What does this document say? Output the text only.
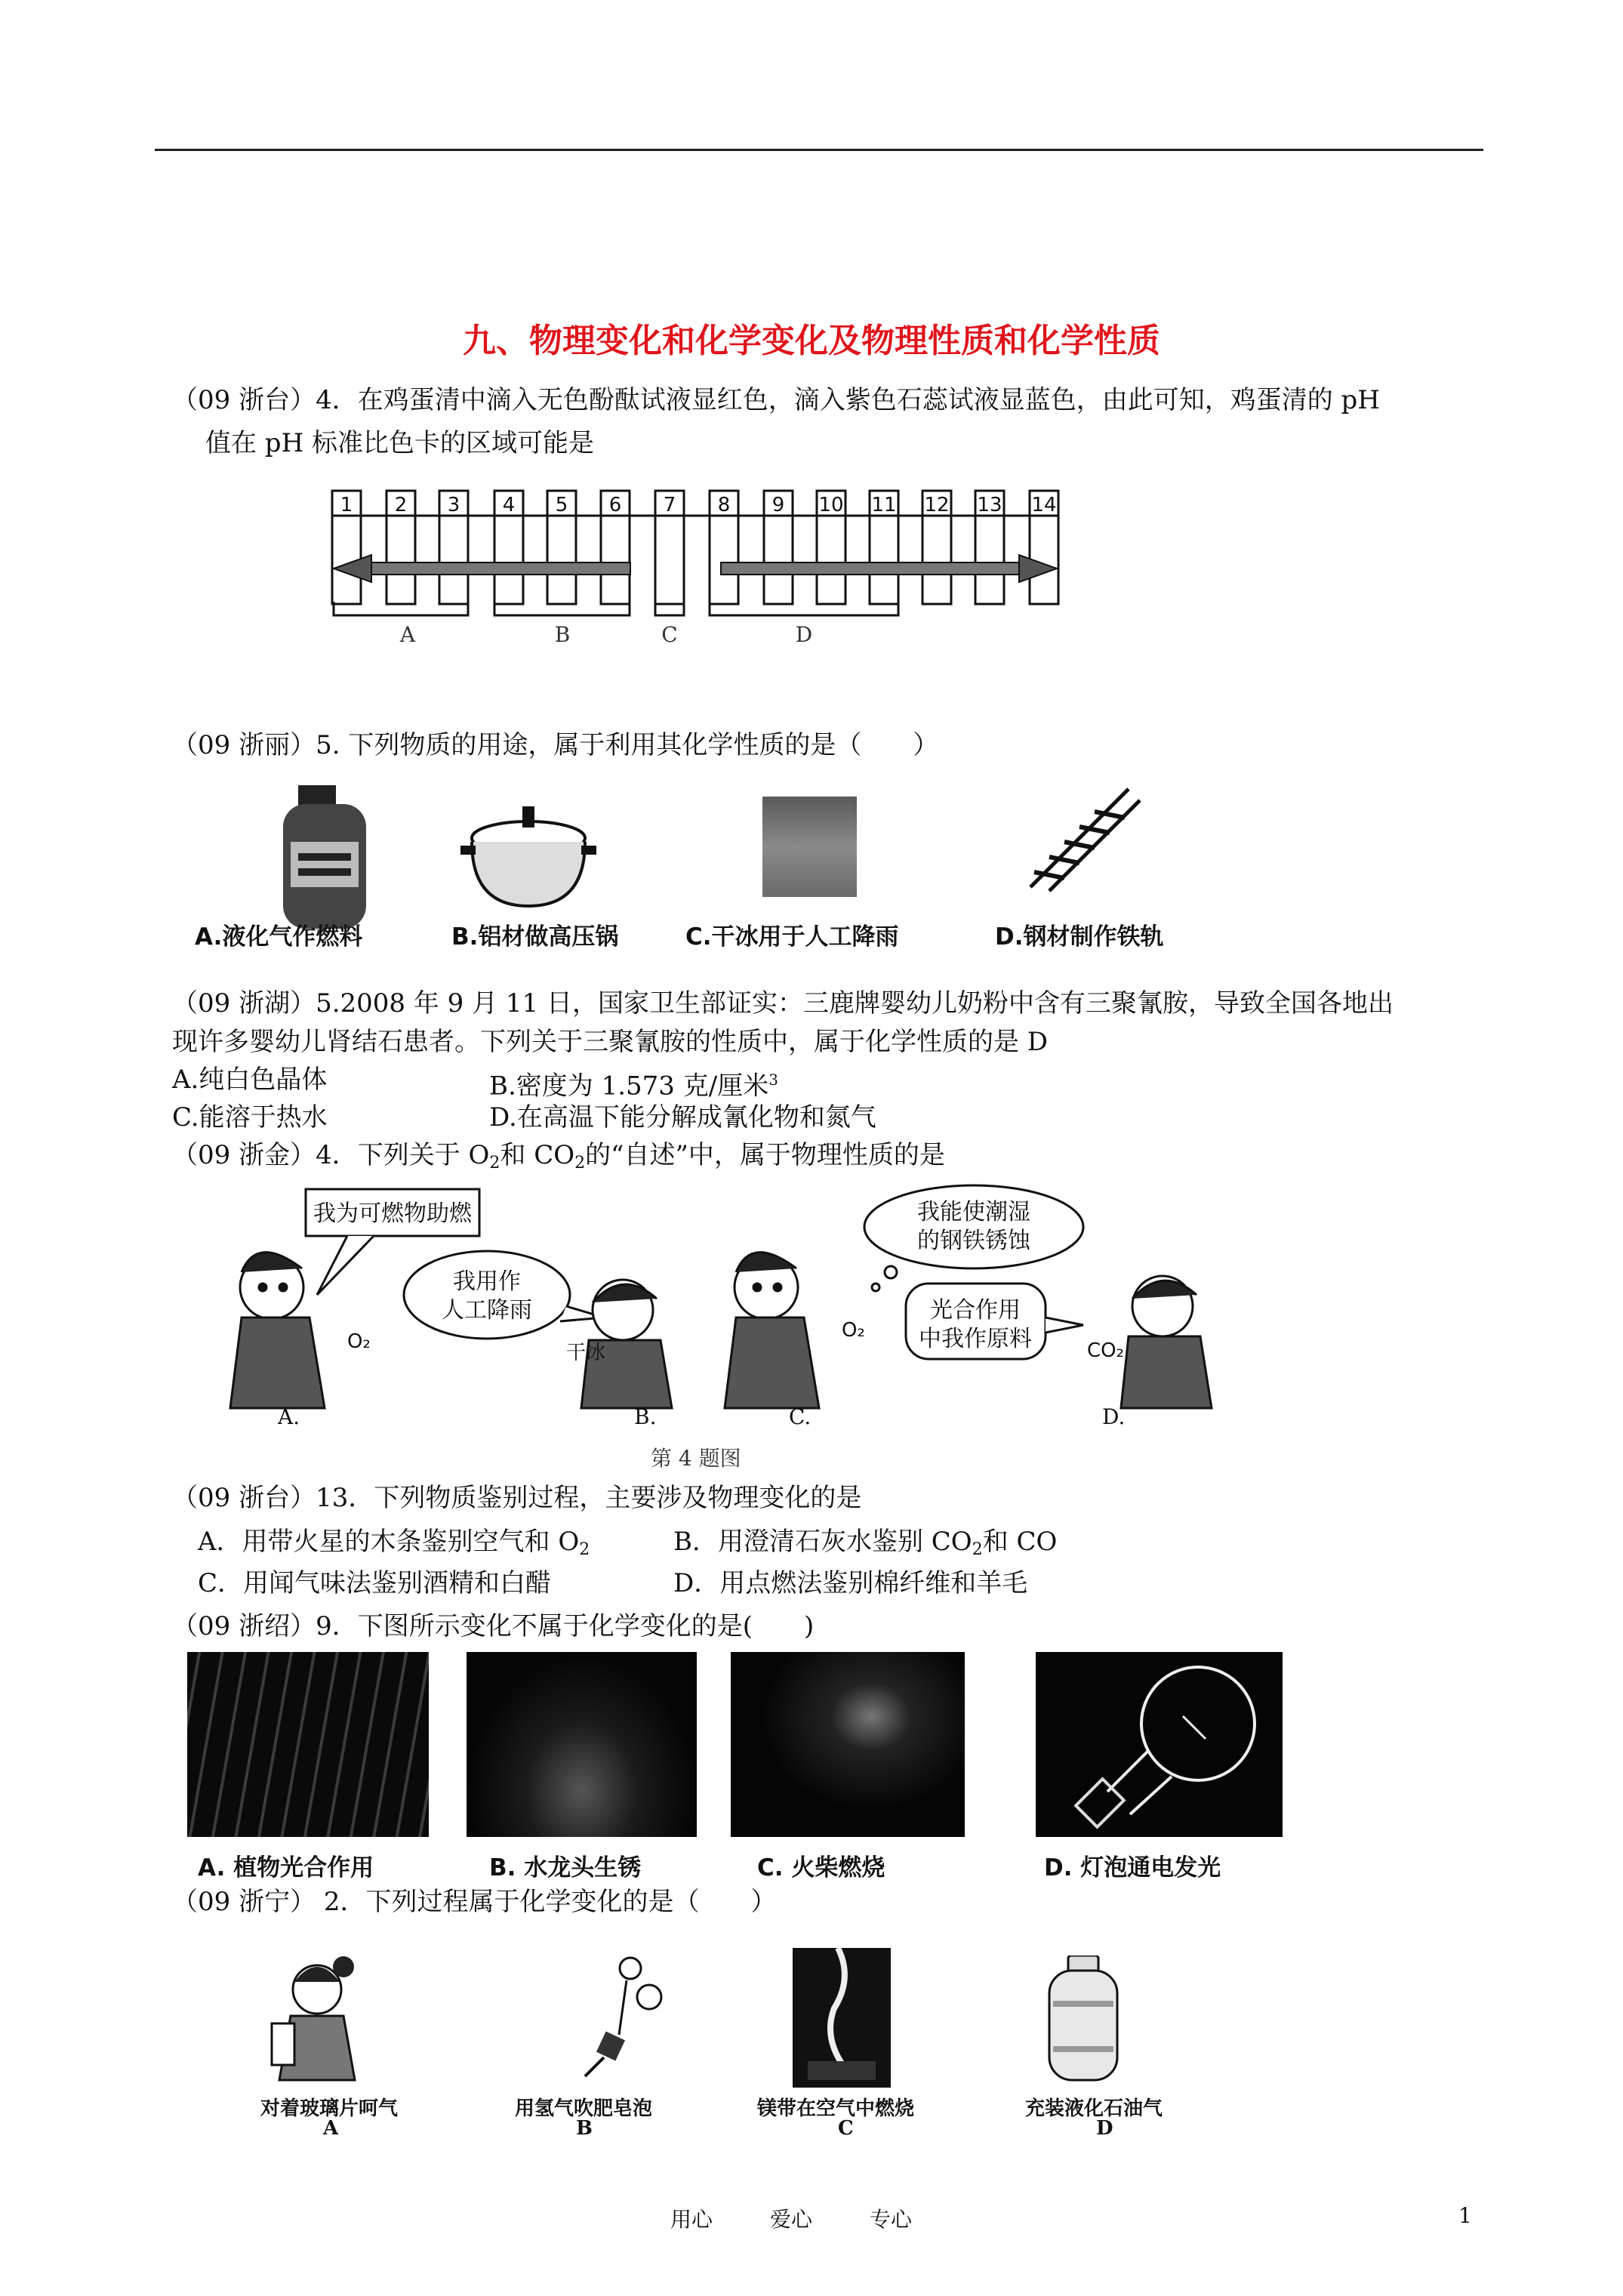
九、物理变化和化学变化及物理性质和化学性质
（09 浙台）4．在鸡蛋清中滴入无色酚酞试液显红色，滴入紫色石蕊试液显蓝色，由此可知，鸡蛋清的 pH
值在 pH 标准比色卡的区域可能是
1 2 3 4 5 6 7 8 9 10 11 12 13 14
A	B	C	D
（09 浙丽）5. 下列物质的用途，属于利用其化学性质的是（　　）
A.液化气作燃料	B.铝材做高压锅	C.干冰用于人工降雨	D.钢材制作铁轨
（09 浙湖）5.2008 年 9 月 11 日，国家卫生部证实：三鹿牌婴幼儿奶粉中含有三聚氰胺，导致全国各地出
现许多婴幼儿肾结石患者。下列关于三聚氰胺的性质中，属于化学性质的是 D
A.纯白色晶体	B.密度为 1.573 克/厘米$^3$
C.能溶于热水	D.在高温下能分解成氰化物和氮气
（09 浙金）4．下列关于 $O_2$和 $CO_2$的“自述”中，属于物理性质的是
我为可燃物助燃
我用作
人工降雨
我能使潮湿
的钢铁锈蚀
光合作用
中我作原料
O₂	干冰
O₂
CO₂
A.	B.	C.	D.
第 4 题图
（09 浙台）13．下列物质鉴别过程，主要涉及物理变化的是
A．用带火星的木条鉴别空气和 $O_2$	B．用澄清石灰水鉴别 $CO_2$和 CO
C．用闻气味法鉴别酒精和白醋	D．用点燃法鉴别棉纤维和羊毛
（09 浙绍）9．下图所示变化不属于化学变化的是(　　)
A. 植物光合作用	B. 水龙头生锈	C. 火柴燃烧	D. 灯泡通电发光
（09 浙宁） 2．下列过程属于化学变化的是（　　）
对着玻璃片呵气	用氢气吹肥皂泡	镁带在空气中燃烧	充装液化石油气
A	B	C	D
用心	爱心	专心	1
